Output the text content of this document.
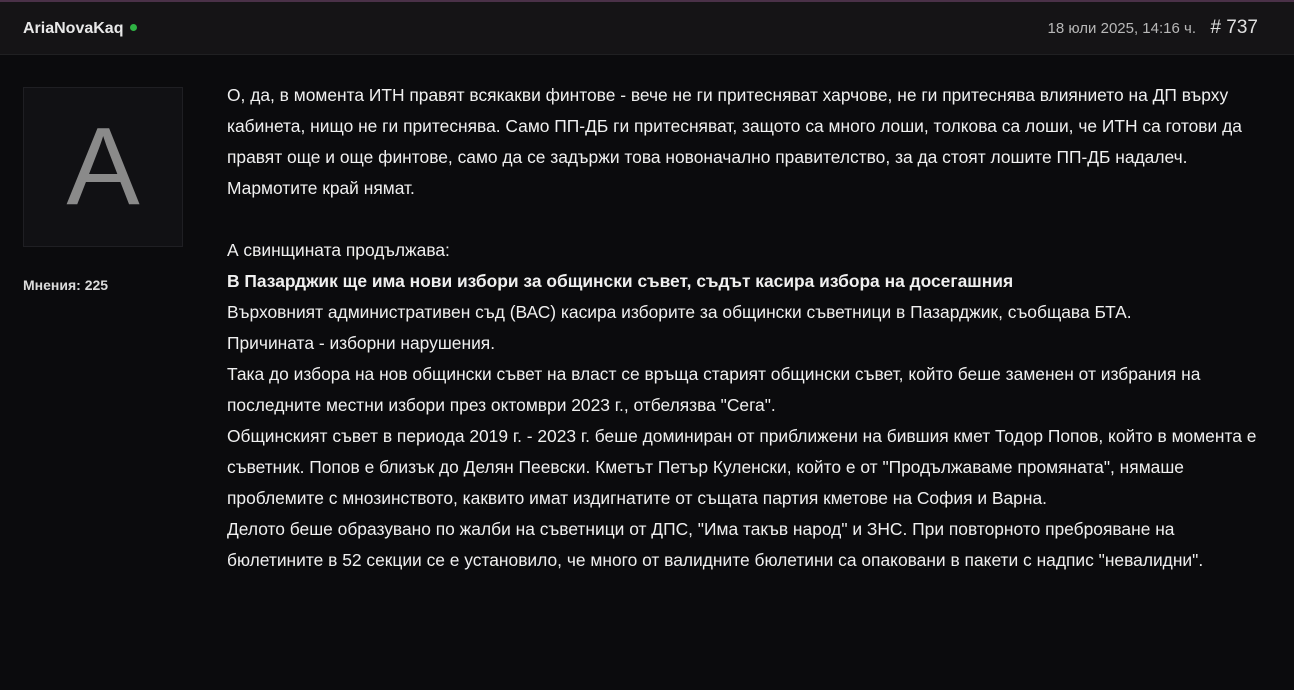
AriaNovaKaq	18 юли 2025, 14:16 ч. # 737
A
Мнения: 225

О, да, в момента ИТН правят всякакви финтове - вече не ги притесняват харчове, не ги притеснява влиянието на ДП върху кабинета, нищо не ги притеснява. Само ПП-ДБ ги притесняват, защото са много лоши, толкова са лоши, че ИТН са готови да правят още и още финтове, само да се задържи това новоначално правителство, за да стоят лошите ПП-ДБ надалеч.

Мармотите край нямат.

А свинщината продължава:

В Пазарджик ще има нови избори за общински съвет, съдът касира избора на досегашния

Върховният административен съд (ВАС) касира изборите за общински съветници в Пазарджик, съобщава БТА.

Причината - изборни нарушения.

Така до избора на нов общински съвет на власт се връща старият общински съвет, който беше заменен от избрания на последните местни избори през октомври 2023 г., отбелязва "Сега".

Общинският съвет в периода 2019 г. - 2023 г. беше доминиран от приближени на бившия кмет Тодор Попов, който в момента е съветник. Попов е близък до Делян Пеевски. Кметът Петър Куленски, който е от "Продължаваме промяната", нямаше проблемите с мнозинството, каквито имат издигнатите от същата партия кметове на София и Варна.

Делото беше образувано по жалби на съветници от ДПС, "Има такъв народ" и ЗНС. При повторното преброяване на бюлетините в 52 секции се е установило, че много от валидните бюлетини са опаковани в пакети с надпис "невалидни".
